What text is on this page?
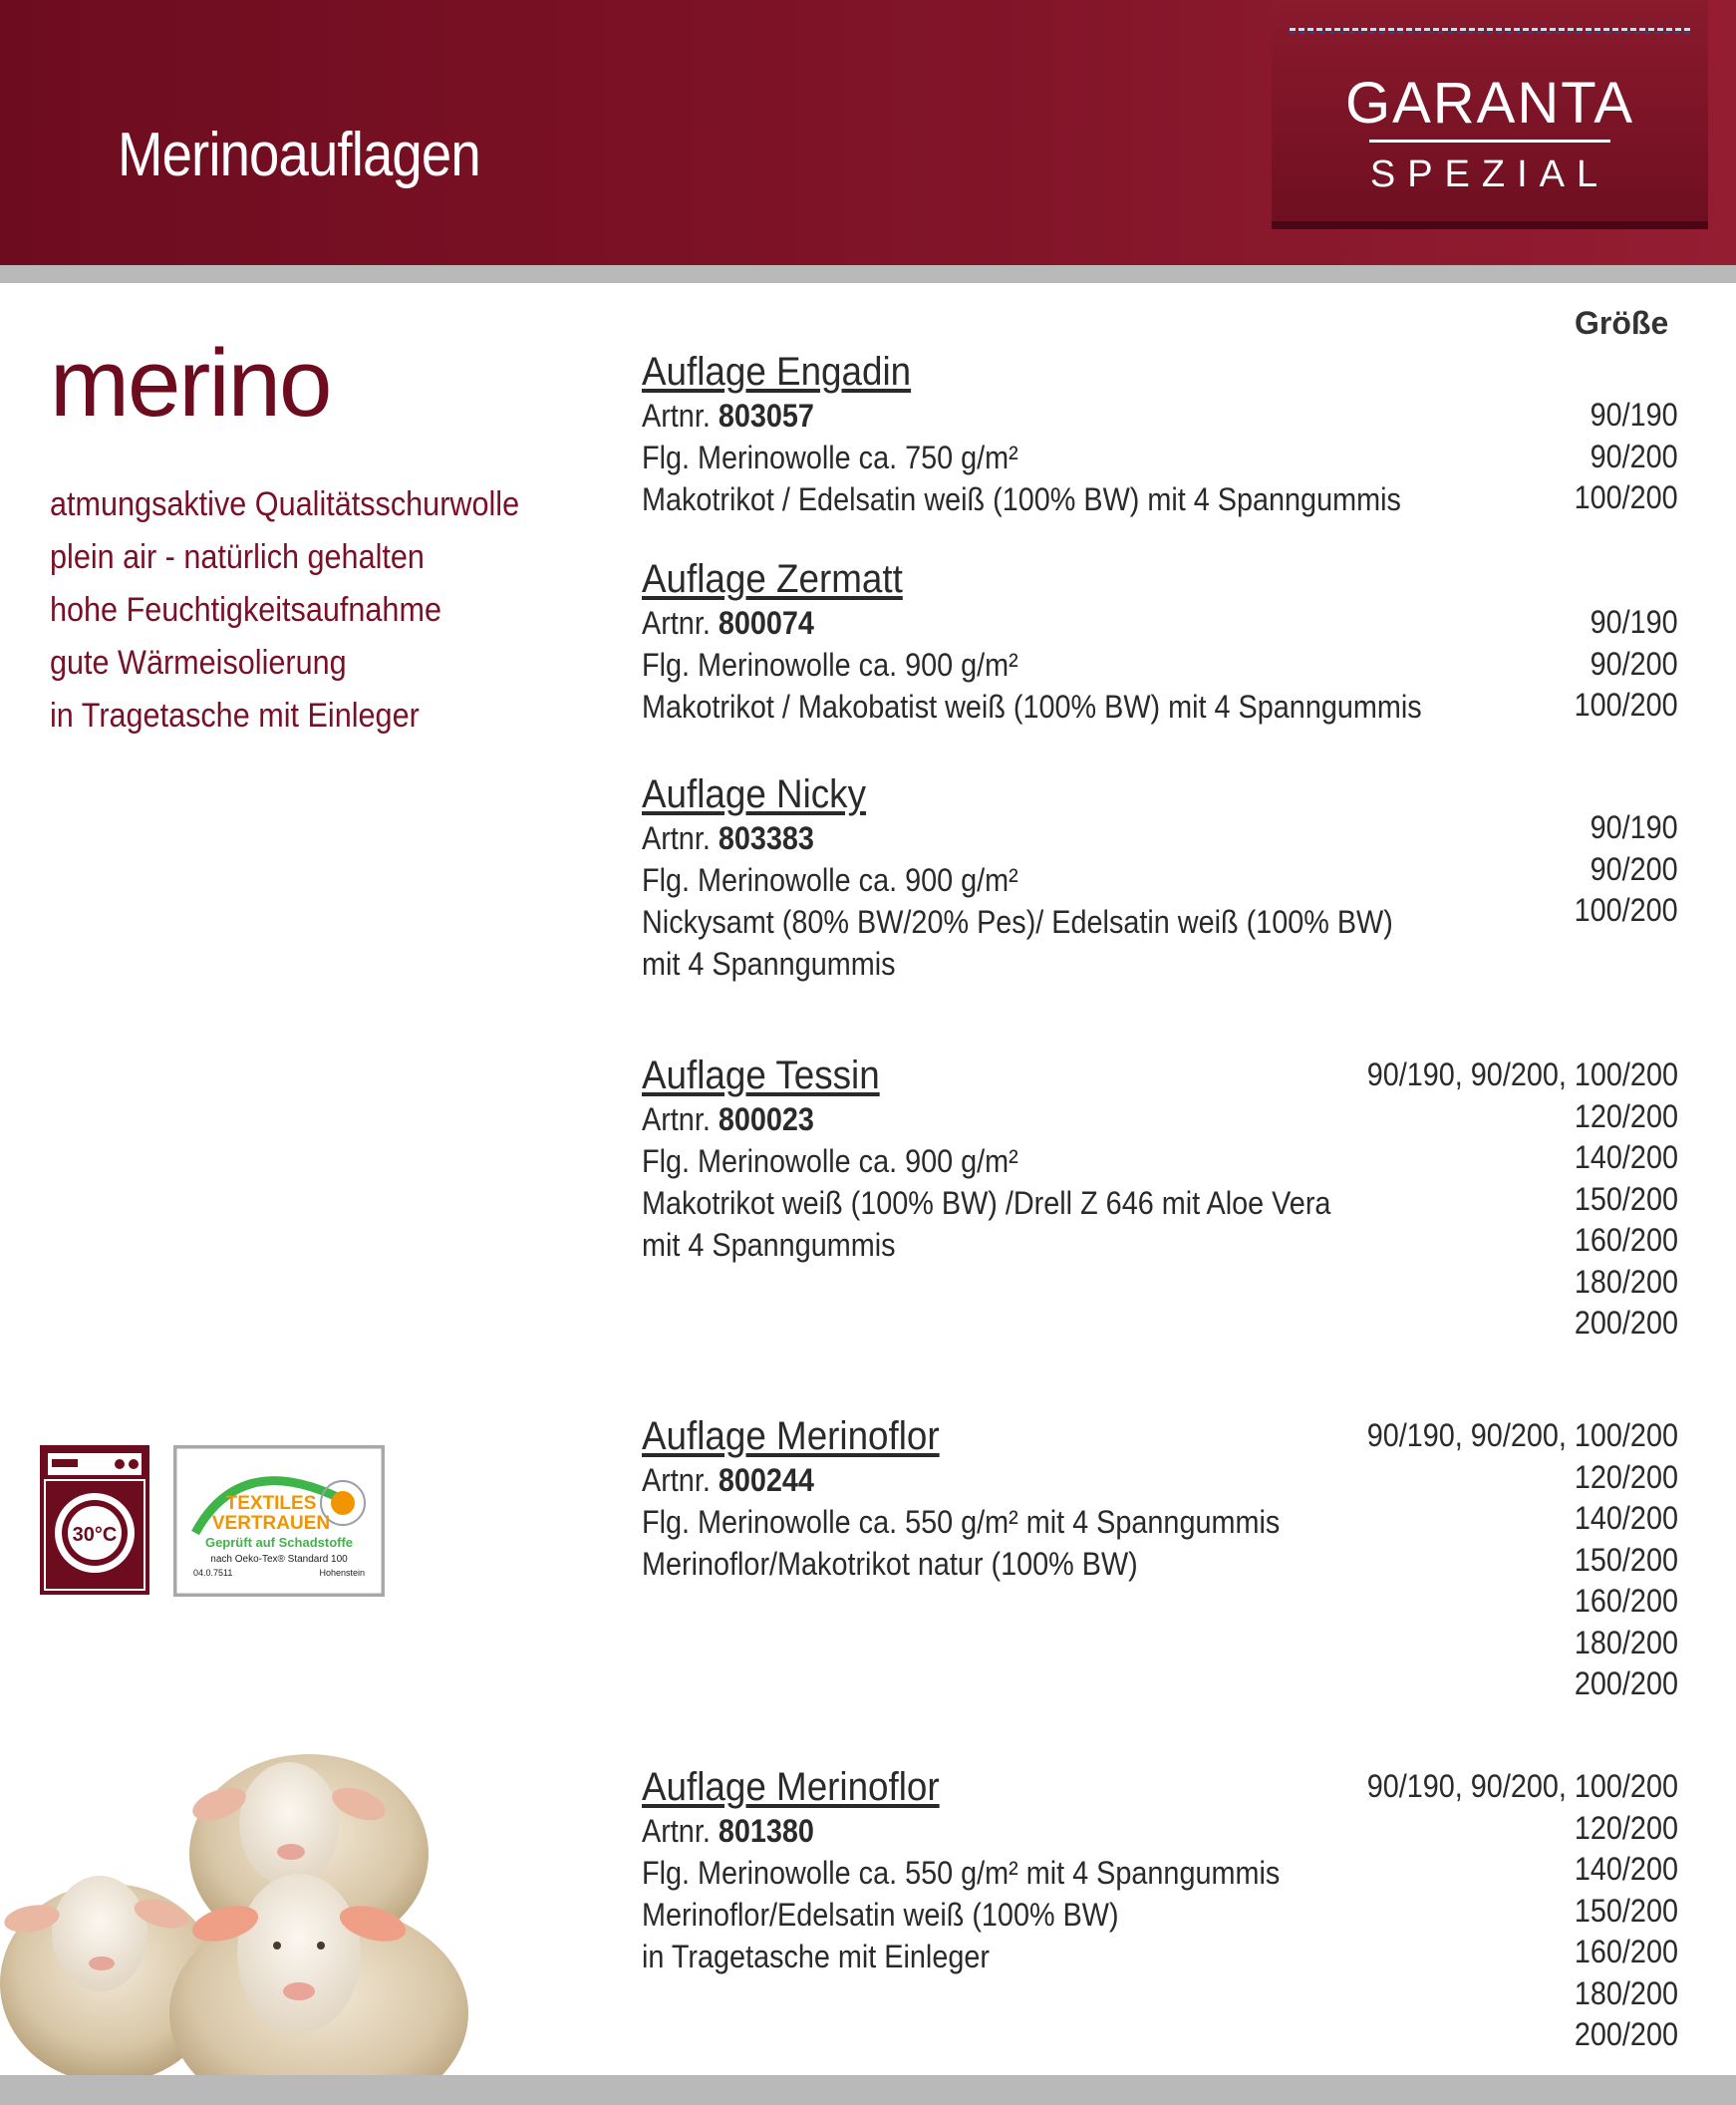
Merinoauflagen
GARANTA
SPEZIAL
merino
atmungsaktive Qualitätsschurwolle
plein air - natürlich gehalten
hohe Feuchtigkeitsaufnahme
gute Wärmeisolierung
in Tragetasche mit Einleger
Größe
Auflage Engadin
Artnr. 803057
Flg. Merinowolle ca. 750 g/m²
Makotrikot / Edelsatin weiß (100% BW) mit 4 Spanngummis
90/190
90/200
100/200
Auflage Zermatt
Artnr. 800074
Flg. Merinowolle ca. 900 g/m²
Makotrikot / Makobatist weiß (100% BW) mit 4 Spanngummis
90/190
90/200
100/200
Auflage Nicky
Artnr. 803383
Flg. Merinowolle ca. 900 g/m²
Nickysamt (80% BW/20% Pes)/ Edelsatin weiß (100% BW)
mit 4 Spanngummis
90/190
90/200
100/200
Auflage Tessin
Artnr. 800023
Flg. Merinowolle ca. 900 g/m²
Makotrikot weiß (100% BW) /Drell Z 646 mit Aloe Vera
mit 4 Spanngummis
90/190, 90/200, 100/200
120/200
140/200
150/200
160/200
180/200
200/200
Auflage Merinoflor
Artnr. 800244
Flg. Merinowolle ca. 550 g/m² mit 4 Spanngummis
Merinoflor/Makotrikot natur (100% BW)
90/190, 90/200, 100/200
120/200
140/200
150/200
160/200
180/200
200/200
Auflage Merinoflor
Artnr. 801380
Flg. Merinowolle ca. 550 g/m² mit 4 Spanngummis
Merinoflor/Edelsatin weiß (100% BW)
in Tragetasche mit Einleger
90/190, 90/200, 100/200
120/200
140/200
150/200
160/200
180/200
200/200
30°C
TEXTILES
VERTRAUEN
Geprüft auf Schadstoffe
nach Oeko-Tex® Standard 100
04.0.7511	Hohenstein
